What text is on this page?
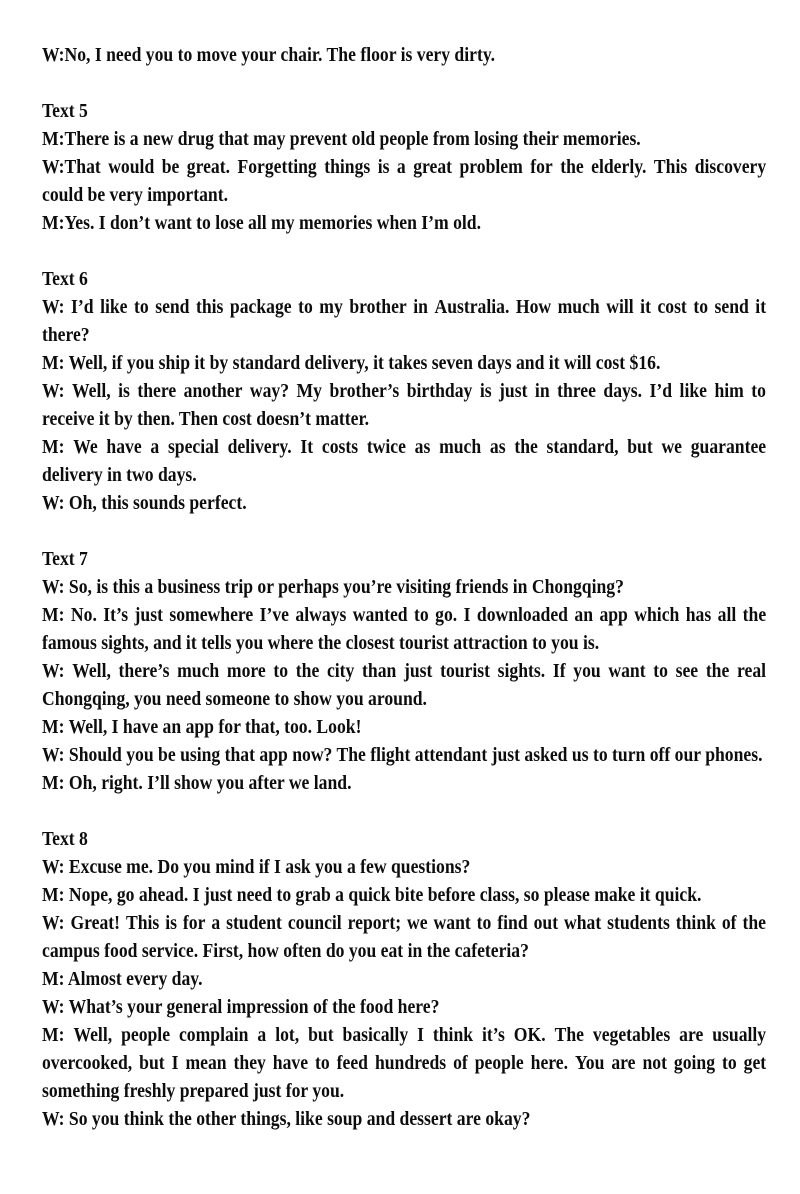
W:No, I need you to move your chair. The floor is very dirty.
Text 5
M:There is a new drug that may prevent old people from losing their memories.
W:That would be great. Forgetting things is a great problem for the elderly. This discovery
could be very important.
M:Yes. I don’t want to lose all my memories when I’m old.
Text 6
W: I’d like to send this package to my brother in Australia. How much will it cost to send it
there?
M: Well, if you ship it by standard delivery, it takes seven days and it will cost $16.
W: Well, is there another way? My brother’s birthday is just in three days. I’d like him to
receive it by then. Then cost doesn’t matter.
M: We have a special delivery. It costs twice as much as the standard, but we guarantee
delivery in two days.
W: Oh, this sounds perfect.
Text 7
W: So, is this a business trip or perhaps you’re visiting friends in Chongqing?
M: No. It’s just somewhere I’ve always wanted to go. I downloaded an app which has all the
famous sights, and it tells you where the closest tourist attraction to you is.
W: Well, there’s much more to the city than just tourist sights. If you want to see the real
Chongqing, you need someone to show you around.
M: Well, I have an app for that, too. Look!
W: Should you be using that app now? The flight attendant just asked us to turn off our phones.
M: Oh, right. I’ll show you after we land.
Text 8
W: Excuse me. Do you mind if I ask you a few questions?
M: Nope, go ahead. I just need to grab a quick bite before class, so please make it quick.
W: Great! This is for a student council report; we want to find out what students think of the
campus food service. First, how often do you eat in the cafeteria?
M: Almost every day.
W: What’s your general impression of the food here?
M: Well, people complain a lot, but basically I think it’s OK. The vegetables are usually
overcooked, but I mean they have to feed hundreds of people here. You are not going to get
something freshly prepared just for you.
W: So you think the other things, like soup and dessert are okay?
